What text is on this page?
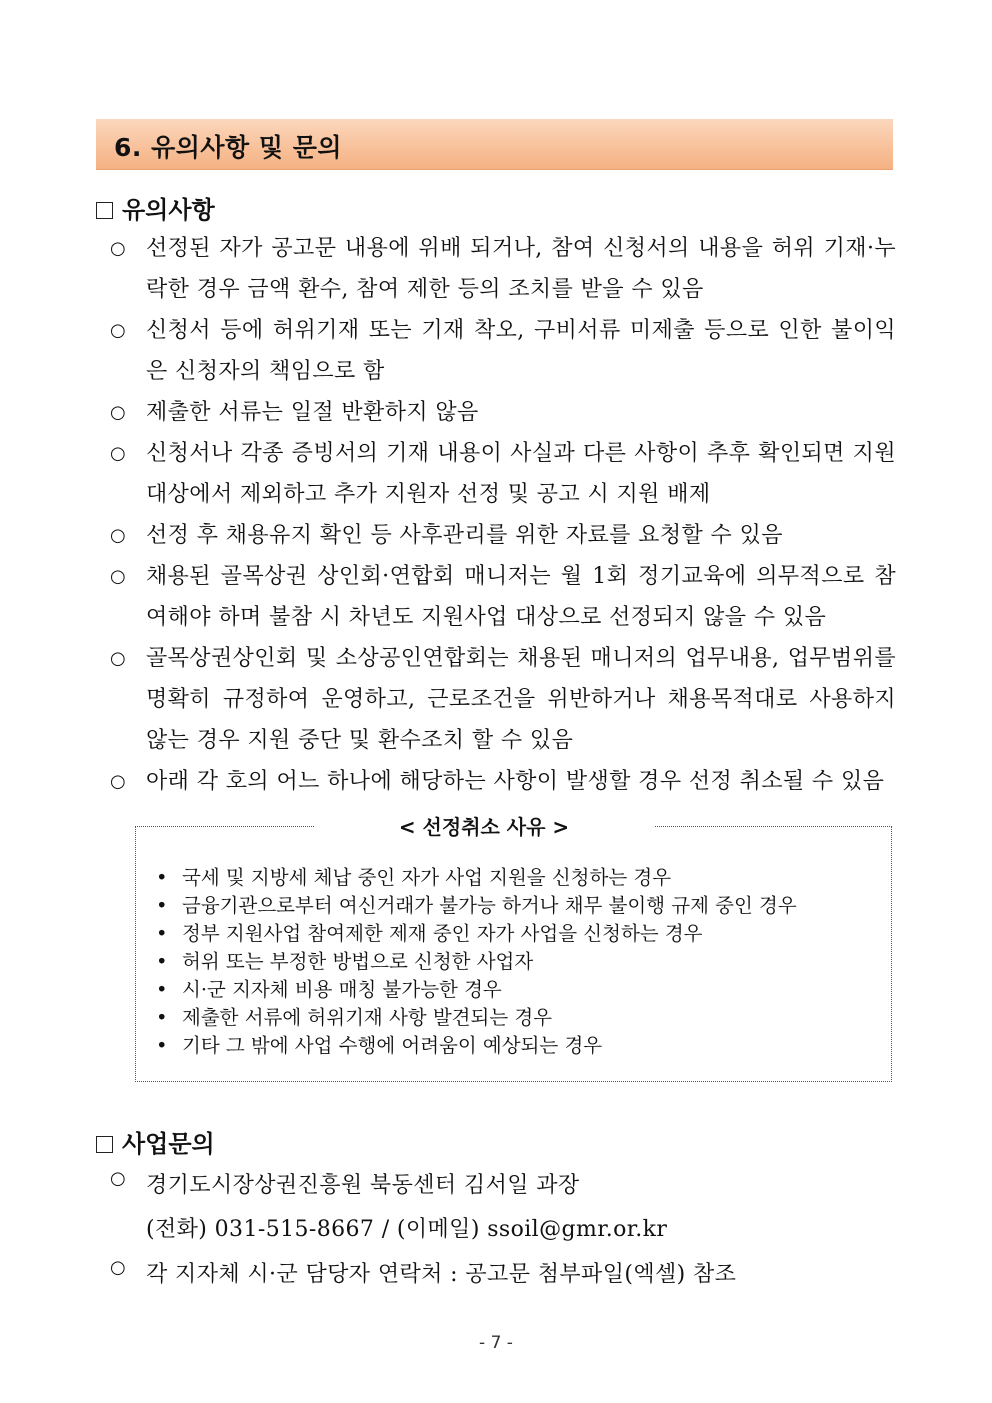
6. 유의사항 및 문의
유의사항
○ 선정된 자가 공고문 내용에 위배 되거나, 참여 신청서의 내용을 허위 기재·누락한 경우 금액 환수, 참여 제한 등의 조치를 받을 수 있음
○ 신청서 등에 허위기재 또는 기재 착오, 구비서류 미제출 등으로 인한 불이익은 신청자의 책임으로 함
○ 제출한 서류는 일절 반환하지 않음
○ 신청서나 각종 증빙서의 기재 내용이 사실과 다른 사항이 추후 확인되면 지원대상에서 제외하고 추가 지원자 선정 및 공고 시 지원 배제
○ 선정 후 채용유지 확인 등 사후관리를 위한 자료를 요청할 수 있음
○ 채용된 골목상권 상인회·연합회 매니저는 월 1회 정기교육에 의무적으로 참여해야 하며 불참 시 차년도 지원사업 대상으로 선정되지 않을 수 있음
○ 골목상권상인회 및 소상공인연합회는 채용된 매니저의 업무내용, 업무범위를 명확히 규정하여 운영하고, 근로조건을 위반하거나 채용목적대로 사용하지 않는 경우 지원 중단 및 환수조치 할 수 있음
○ 아래 각 호의 어느 하나에 해당하는 사항이 발생할 경우 선정 취소될 수 있음
< 선정취소 사유 >
• 국세 및 지방세 체납 중인 자가 사업 지원을 신청하는 경우
• 금융기관으로부터 여신거래가 불가능 하거나 채무 불이행 규제 중인 경우
• 정부 지원사업 참여제한 제재 중인 자가 사업을 신청하는 경우
• 허위 또는 부정한 방법으로 신청한 사업자
• 시·군 지자체 비용 매칭 불가능한 경우
• 제출한 서류에 허위기재 사항 발견되는 경우
• 기타 그 밖에 사업 수행에 어려움이 예상되는 경우
사업문의
○ 경기도시장상권진흥원 북동센터 김서일 과장
(전화) 031-515-8667 / (이메일) ssoil@gmr.or.kr
○ 각 지자체 시·군 담당자 연락처 : 공고문 첨부파일(엑셀) 참조
- 7 -
